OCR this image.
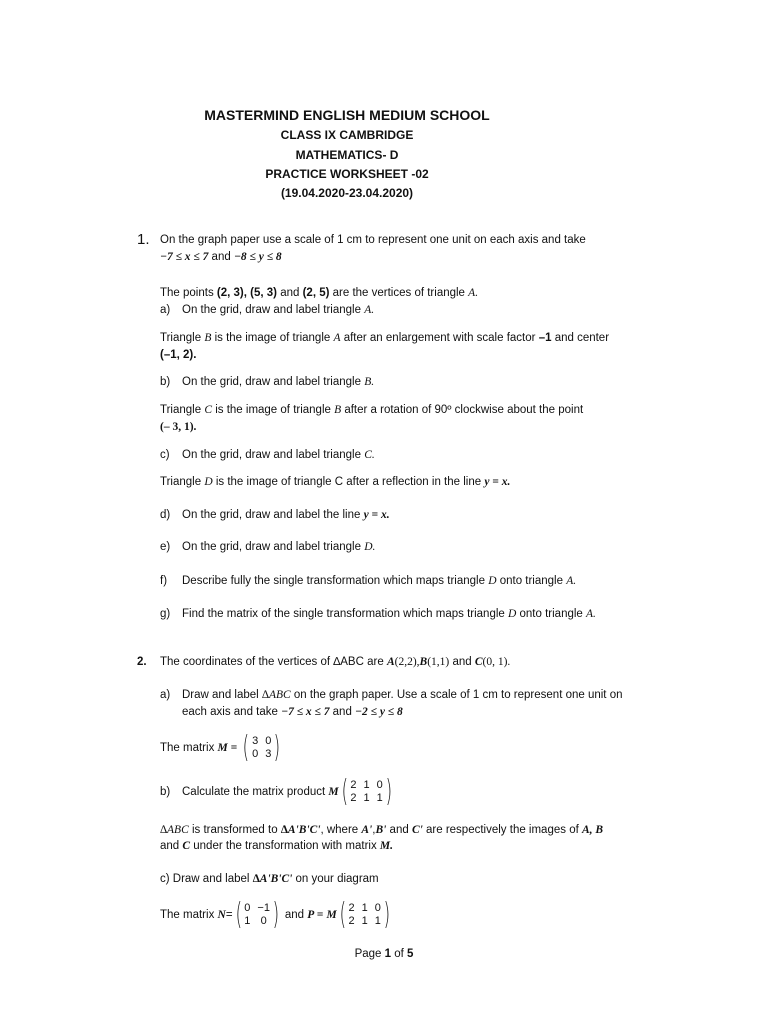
MASTERMIND ENGLISH MEDIUM SCHOOL
CLASS IX CAMBRIDGE
MATHEMATICS- D
PRACTICE WORKSHEET -02
(19.04.2020-23.04.2020)
1. On the graph paper use a scale of 1 cm to represent one unit on each axis and take
−7 ≤ x ≤ 7 and −8 ≤ y ≤ 8
The points (2, 3), (5, 3) and (2, 5) are the vertices of triangle A.
a) On the grid, draw and label triangle A.
Triangle B is the image of triangle A after an enlargement with scale factor –1 and center
(–1, 2).
b) On the grid, draw and label triangle B.
Triangle C is the image of triangle B after a rotation of 90º clockwise about the point
(– 3, 1).
c) On the grid, draw and label triangle C.
Triangle D is the image of triangle C after a reflection in the line y = x.
d) On the grid, draw and label the line y = x.
e) On the grid, draw and label triangle D.
f) Describe fully the single transformation which maps triangle D onto triangle A.
g) Find the matrix of the single transformation which maps triangle D onto triangle A.
2. The coordinates of the vertices of ∆ABC are A(2,2),B(1,1) and C(0, 1).
a) Draw and label ∆ABC on the graph paper. Use a scale of 1 cm to represent one unit on
each axis and take −7 ≤ x ≤ 7 and −2 ≤ y ≤ 8
The matrix M = ( 3 0
0 3 )
b) Calculate the matrix product M ( 2 1 0
2 1 1 )
∆ABC is transformed to ∆A'B'C', where A',B' and C' are respectively the images of A, B
and C under the transformation with matrix M.
c) Draw and label ∆A'B'C' on your diagram
The matrix N= ( 0 −1
1 0 ) and P = M ( 2 1 0
2 1 1 )
Page 1 of 5
